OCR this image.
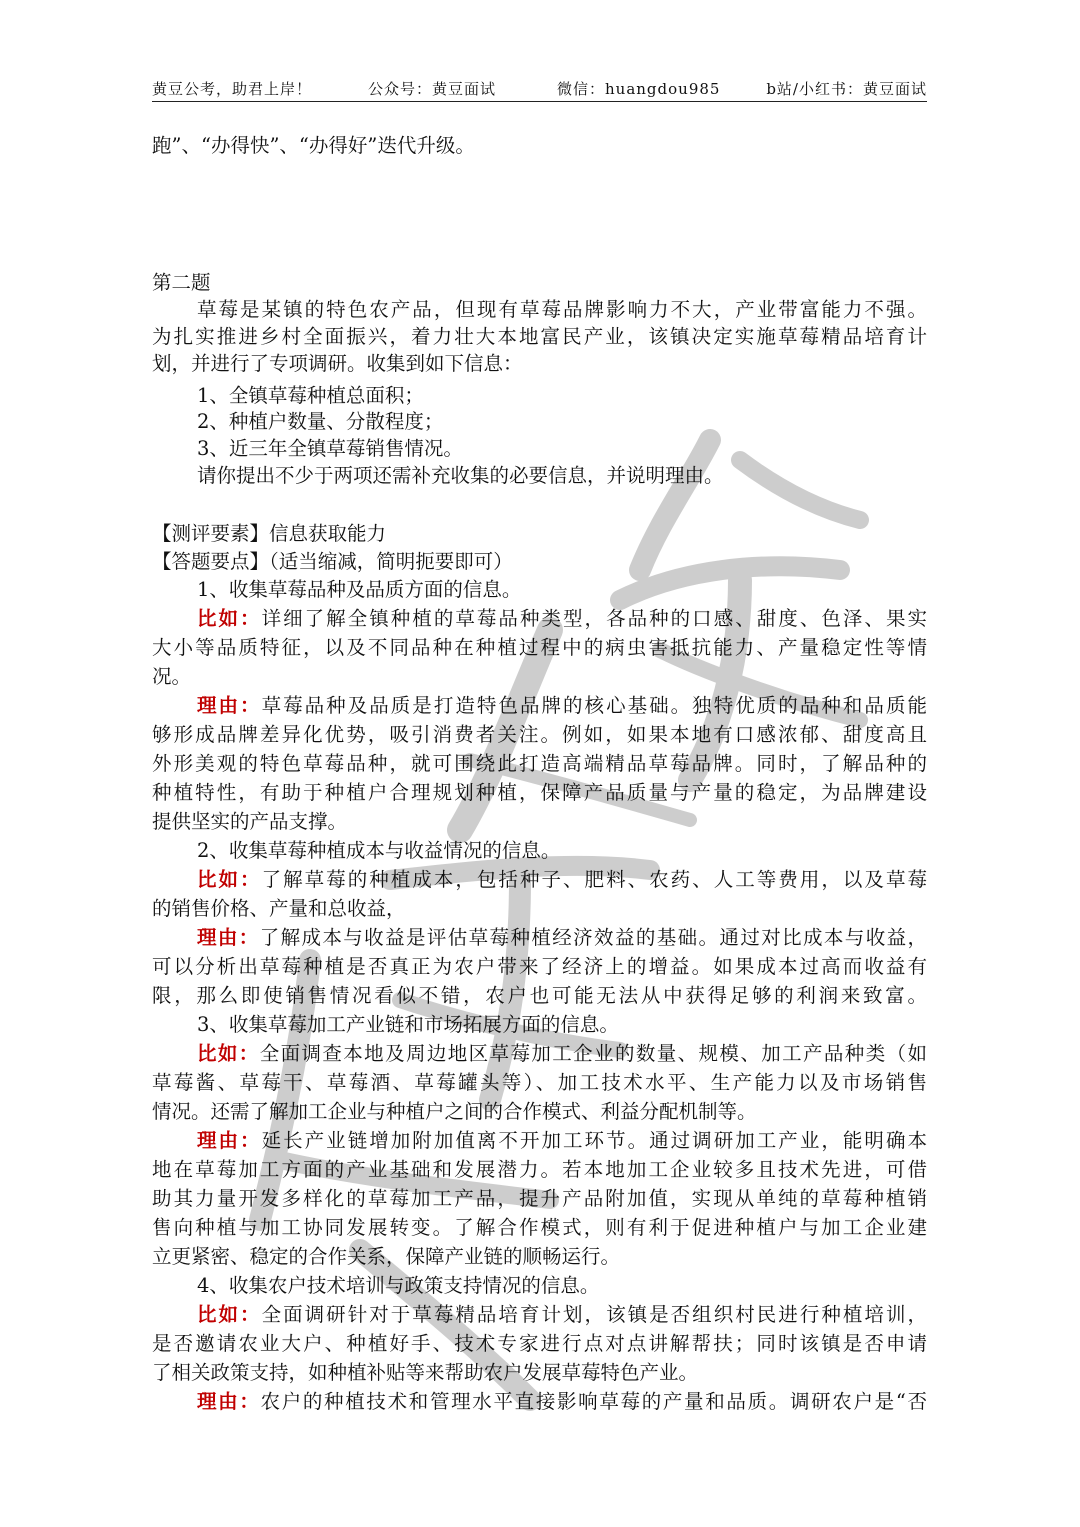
黄豆公考，助君上岸！	公众号：黄豆面试	微信：huangdou985	b站/小红书：黄豆面试
跑”、“办得快”、“办得好”迭代升级。
第二题
草莓是某镇的特色农产品，但现有草莓品牌影响力不大，产业带富能力不强。
为扎实推进乡村全面振兴，着力壮大本地富民产业，该镇决定实施草莓精品培育计
划，并进行了专项调研。收集到如下信息：
1、全镇草莓种植总面积；
2、种植户数量、分散程度；
3、近三年全镇草莓销售情况。
请你提出不少于两项还需补充收集的必要信息，并说明理由。
【测评要素】信息获取能力
【答题要点】（适当缩减，简明扼要即可）
1、收集草莓品种及品质方面的信息。
比如：详细了解全镇种植的草莓品种类型，各品种的口感、甜度、色泽、果实
大小等品质特征，以及不同品种在种植过程中的病虫害抵抗能力、产量稳定性等情
况。
理由：草莓品种及品质是打造特色品牌的核心基础。独特优质的品种和品质能
够形成品牌差异化优势，吸引消费者关注。例如，如果本地有口感浓郁、甜度高且
外形美观的特色草莓品种，就可围绕此打造高端精品草莓品牌。同时，了解品种的
种植特性，有助于种植户合理规划种植，保障产品质量与产量的稳定，为品牌建设
提供坚实的产品支撑。
2、收集草莓种植成本与收益情况的信息。
比如：了解草莓的种植成本，包括种子、肥料、农药、人工等费用，以及草莓
的销售价格、产量和总收益，
理由：了解成本与收益是评估草莓种植经济效益的基础。通过对比成本与收益，
可以分析出草莓种植是否真正为农户带来了经济上的增益。如果成本过高而收益有
限，那么即使销售情况看似不错，农户也可能无法从中获得足够的利润来致富。
3、收集草莓加工产业链和市场拓展方面的信息。
比如：全面调查本地及周边地区草莓加工企业的数量、规模、加工产品种类（如
草莓酱、草莓干、草莓酒、草莓罐头等）、加工技术水平、生产能力以及市场销售
情况。还需了解加工企业与种植户之间的合作模式、利益分配机制等。
理由：延长产业链增加附加值离不开加工环节。通过调研加工产业，能明确本
地在草莓加工方面的产业基础和发展潜力。若本地加工企业较多且技术先进，可借
助其力量开发多样化的草莓加工产品，提升产品附加值，实现从单纯的草莓种植销
售向种植与加工协同发展转变。了解合作模式，则有利于促进种植户与加工企业建
立更紧密、稳定的合作关系，保障产业链的顺畅运行。
4、收集农户技术培训与政策支持情况的信息。
比如：全面调研针对于草莓精品培育计划，该镇是否组织村民进行种植培训，
是否邀请农业大户、种植好手、技术专家进行点对点讲解帮扶；同时该镇是否申请
了相关政策支持，如种植补贴等来帮助农户发展草莓特色产业。
理由：农户的种植技术和管理水平直接影响草莓的产量和品质。调研农户是“否
